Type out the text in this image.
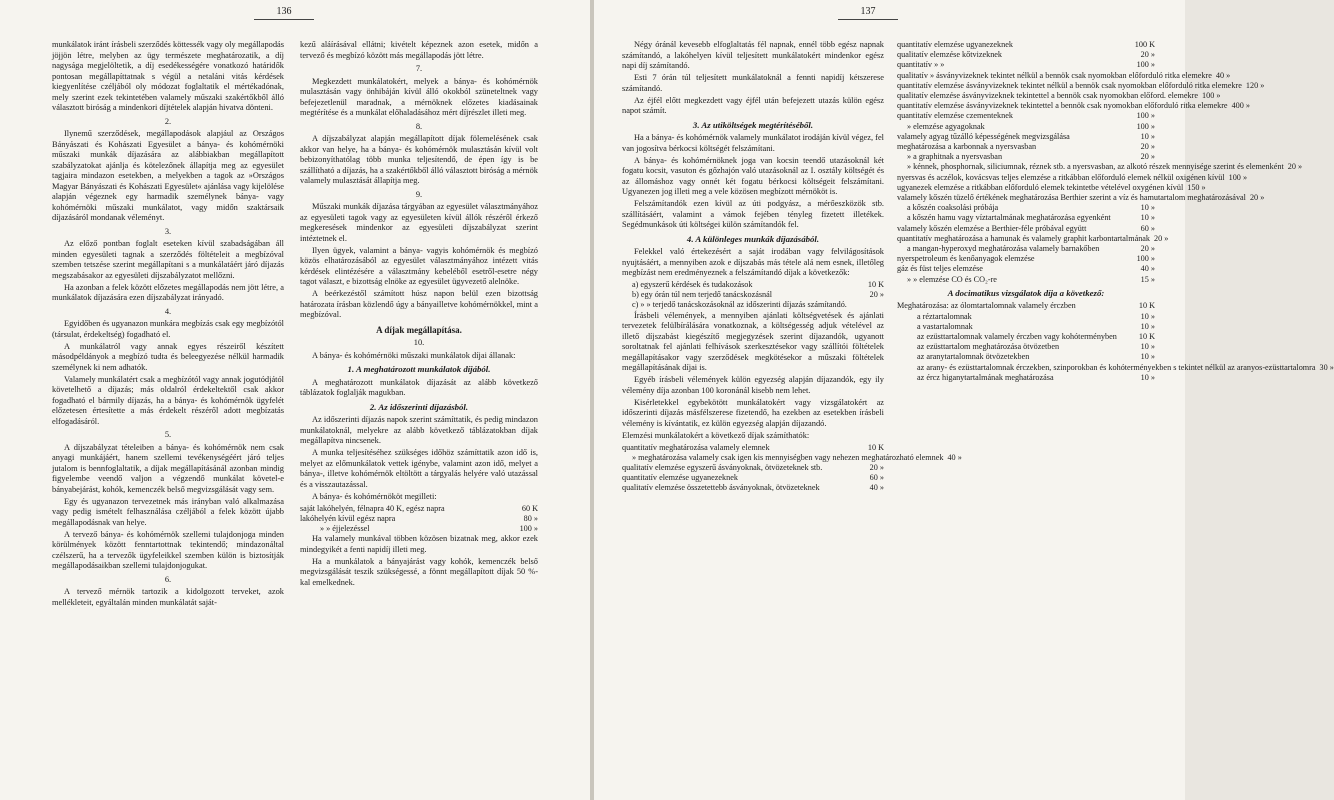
136

munkálatok iránt írásbeli szerződés köttessék vagy oly megállapodás jöjjön létre, melyben az ügy természete meghatározatik, a díj nagysága megjelöltetik, a díj esedékességére vonatkozó határidők pontosan megállapíttatnak s végül a netaláni vitás kérdések kiegyenlítése czéljából oly módozat foglaltatik el mértékadónak, mely szerint ezek tekintetében valamely műszaki szakértőkből álló választott biróság a mindenkori díjtételek alapján hivatva dönteni.

2.

Ilynemű szerződések, megállapodások alapjául az Országos Bányászati és Kohászati Egyesület a bánya- és kohómérnöki műszaki munkák díjazására az alábbiakban megállapított szabályzatokat ajánlja és kötelezőnek állapítja meg az egyesület tagjaira mindazon esetekben, a melyekben a tagok az »Országos Magyar Bányászati és Kohászati Egyesület« ajánlása vagy kijelölése alapján végeznek egy harmadik személynek bánya- vagy kohómérnöki műszaki munkálatot, vagy midőn szaktársaik díjazásáról mondanak véleményt.

3.

Az előző pontban foglalt eseteken kívül szabadságában áll minden egyesületi tagnak a szerződés föltételeit a megbízóval szemben tetszése szerint megállapítani s a munkálatáért járó díjazás megszabásakor az egyesületi díjszabályzatot mellőzni.

Ha azonban a felek között előzetes megállapodás nem jött létre, a munkálatok díjazására ezen díjszabályzat irányadó.

4.

Egyidőben és ugyanazon munkára megbízás csak egy megbízótól (társulat, érdekeltség) fogadható el.

A munkálatról vagy annak egyes részeiről készített másodpéldányok a megbízó tudta és beleegyezése nélkül harmadik személynek ki nem adhatók.

Valamely munkálatért csak a megbízótól vagy annak jogutódjától követelhető a díjazás; más oldalról érdekeltektől csak akkor fogadható el bármily díjazás, ha a bánya- és kohómérnök ügyfelét előzetesen értesítette a más érdekelt részéről adott megbízatás elfogadásáról.

5.

A díjszabályzat tételeiben a bánya- és kohómérnök nem csak anyagi munkájáért, hanem szellemi tevékenységéért járó teljes jutalom is bennfoglaltatik, a díjak megállapításánál azonban mindig figyelembe veendő valjon a végzendő munkálat követel-e bányabejárást, kohók, kemenczék belső megvizsgálását vagy sem.

Egy és ugyanazon tervezetnek más irányban való alkalmazása vagy pedig ismételt felhasználása czéljából a felek között újabb megállapodásnak van helye.

A tervező bánya- és kohómérnök szellemi tulajdonjoga minden körülmények között fenntartottnak tekintendő; mindazonáltal czélszerű, ha a tervezők ügyfeleikkel szemben külön is biztosítják megállapodásaikban szellemi tulajdonjogukat.

6.

A tervező mérnök tartozik a kidolgozott terveket, azok mellékleteit, egyáltalán minden munkálatát saját-

kezű aláírásával ellátni; kivételt képeznek azon esetek, midőn a tervező és megbízó között más megállapodás jött létre.

7.

Megkezdett munkálatokért, melyek a bánya- és kohómérnök mulasztásán vagy önhibáján kívül álló okokból szüneteltnek vagy befejezetlenül maradnak, a mérnöknek előzetes kiadásainak megtérítése és a munkálat előhaladásához mért díjrészlet illeti meg.

8.

A díjszabályzat alapján megállapított díjak fölemelésének csak akkor van helye, ha a bánya- és kohómérnök mulasztásán kívül volt bebizonyíthatólag több munka teljesítendő, de épen így is be szállítható a díjazás, ha a szakértőkből álló választott biróság a mérnök valamely mulasztását állapítja meg.

9.

Műszaki munkák díjazása tárgyában az egyesület választmányához az egyesületi tagok vagy az egyesületen kívül állók részéről érkező megkeresések mindenkor az egyesületi díjszabályzat szerint intéztetnek el.

Ilyen ügyek, valamint a bánya- vagyis kohómérnök és megbízó közös elhatározásából az egyesület választmányához intézett vitás kérdések elintézésére a választmány kebeléből esetről-esetre négy tagot választ, e bizottság elnöke az egyesület ügyvezető alelnöke.

A beérkezéstől számított húsz napon belül ezen bizottság határozata írásban közlendő úgy a bányailletve kohómérnökkel, mint a megbízóval.

A díjak megállapítása.
10.

A bánya- és kohómérnöki műszaki munkálatok díjai állanak:

1. A meghatározott munkálatok díjából.

A meghatározott munkálatok díjazását az alább következő táblázatok foglalják magukban.

2. Az időszerinti díjazásból.

Az időszerinti díjazás napok szerint számíttatik, és pedig mindazon munkálatoknál, melyekre az alább következő táblázatokban díjak megállapítva nincsenek.

A munka teljesítéséhez szükséges időhöz számíttatik azon idő is, melyet az előmunkálatok vettek igénybe, valamint azon idő, melyet a bánya-, illetve kohómérnök eltöltött a tárgyalás helyére való utazással és a visszautazással.

A bánya- és kohómérnököt megilleti:

saját lakóhelyén, félnapra 40 K, egész napra	60 K
lakóhelyén kívül egész napra	80 »
» » éjjelezéssel	100 »

Ha valamely munkával többen közösen bizatnak meg, akkor ezek mindegyikét a fenti napidíj illeti meg.

Ha a munkálatok a bányajárást vagy kohók, kemenczék belső megvizsgálását teszik szükségessé, a fönnt megállapított díjak 50 %-kal emelkednek.

137

Négy óránál kevesebb elfoglaltatás fél napnak, ennél több egész napnak számítandó, a lakóhelyen kívül teljesített munkálatokért mindenkor egész napi díj számítandó.

Esti 7 órán túl teljesített munkálatoknál a fennti napidíj kétszerese számítandó.

Az éjfél előtt megkezdett vagy éjfél után befejezett utazás külön egész napot számít.

3. Az utiköltségek megtérítéséből.

Ha a bánya- és kohómérnök valamely munkálatot irodáján kívül végez, fel van jogosítva bérkocsi költségét felszámítani.

A bánya- és kohómérnöknek joga van kocsin teendő utazásoknál két fogatu kocsit, vasuton és gőzhajón való utazásoknál az I. osztály költségét és az állomáshoz vagy onnét két fogatu bérkocsi költségeit felszámítani. Ugyanezen jog illeti meg a vele közösen megbízott mérnököt is.

Felszámítandók ezen kívül az úti podgyász, a mérőeszközök stb. szállításáért, valamint a vámok fejében tényleg fizetett illetékek. Segédmunkások úti költségei külön számítandók fel.

4. A különleges munkák díjazásából.

Felekkel való értekezésért a saját irodában vagy felvilágosítások nyujtásáért, a mennyiben azok e díjszabás más tétele alá nem esnek, illetőleg megbízást nem eredményeznek a felszámítandó díjak a következők:

a) egyszerű kérdések és tudakozások	10 K
b) egy órán túl nem terjedő tanácskozásnál	20 »
c) » » terjedő tanácskozásoknál az időszerinti díjazás számítandó.

Írásbeli vélemények, a mennyiben ajánlati költségvetések és ajánlati tervezetek felülbírálására vonatkoznak, a költségesség adjuk vételével az illető díjszabást kiegészítő megjegyzések szerint díjazandók, ugyanott soroltatnak fel ajánlati felhívások szerkesztésekor vagy szállítói föltételek megállapításakor vagy szerződések megkötésekor a műszaki föltételek megállapításának díjai is.

Egyéb írásbeli vélemények külön egyezség alapján díjazandók, egy ily vélemény díja azonban 100 koronánál kisebb nem lehet.

Kisérletekkel egybekötött munkálatokért vagy vizsgálatokért az időszerinti díjazás másfélszerese fizetendő, ha ezekben az esetekben írásbeli vélemény is kívántatik, ez külön egyezség alapján díjazandó.

Elemzési munkálatokért a következő díjak számíthatók:

quantitatív meghatározása valamely elemnek	10 K
» meghatározása valamely csak igen kis mennyiségben vagy nehezen meghatározható elemnek 40 »
qualitatív elemzése egyszerű ásványoknak, ötvözeteknek stb.	20 »
quantitatív elemzése ugyanezeknek	60 »
qualitatív elemzése összetettebb ásványoknak, ötvözeteknek	40 »
quantitatív elemzése ugyanezeknek	100 K
qualitatív elemzése kőtvizeknek	20 »
quantitatív » »	100 »
qualitatív » ásványvizeknek tekintet nélkül a bennök csak nyomokban előforduló ritka elemekre 40 »
quantitatív elemzése ásványvizeknek tekintet nélkül a bennök csak nyomokban előforduló ritka elemekre 120 »
qualitatív elemzése ásványvizeknek tekintettel a bennök csak nyomokban előford. elemekre 100 »
quantitatív elemzése ásványvizeknek tekintettel a bennök csak nyomokban előforduló ritka elemekre 400 »
quantitatív elemzése czementeknek	100 »
» elemzése agyagoknak	100 »
valamely agyag tűzálló képességének megvizsgálása	10 »
meghatározása a karbonnak a nyersvasban	20 »
» a graphitnak a nyersvasban	20 »
» kénnek, phosphornak, siliciumnak, réznek stb. a nyersvasban, az alkotó részek mennyisége szerint és elemenként 20 »
nyersvas és aczélok, kovácsvas teljes elemzése a ritkábban előforduló elemek nélkül oxigénen kívül 100 »
ugyanezek elemzése a ritkábban előforduló elemek tekintetbe vételével oxygénen kívül 150 »
valamely kőszén tüzelő értékének meghatározása Berthier szerint a víz és hamutartalom meghatározásával 20 »
a kőszén coaksolási próbája	10 »
a kőszén hamu vagy víztartalmának meghatározása egyenként	10 »
valamely kőszén elemzése a Berthier-féle próbával együtt	60 »
quantitatív meghatározása a hamunak és valamely graphit karbontartalmának 20 »
a mangan-hyperoxyd meghatározása valamely barnakőben	20 »
nyerspetroleum és kenőanyagok elemzése	100 »
gáz és füst teljes elemzése	40 »
» » elemzése CO és CO₂-re	15 »
A docimatikus vizsgálatok díja a következő:
Meghatározása: az ólomtartalomnak valamely érczben	10 K
a réztartalomnak	10 »
a vastartalomnak	10 »
az ezüsttartalomnak valamely érczben vagy kohóterményben	10 K
az ezüsttartalom meghatározása ötvözetben	10 »
az aranytartalomnak ötvözetekben	10 »
az arany- és ezüsttartalomnak érczekben, szinporokban és kohóterményekben s tekintet nélkül az aranyos-ezüsttartalomra 30 »
az ércz higanytartalmának meghatározása	10 »
